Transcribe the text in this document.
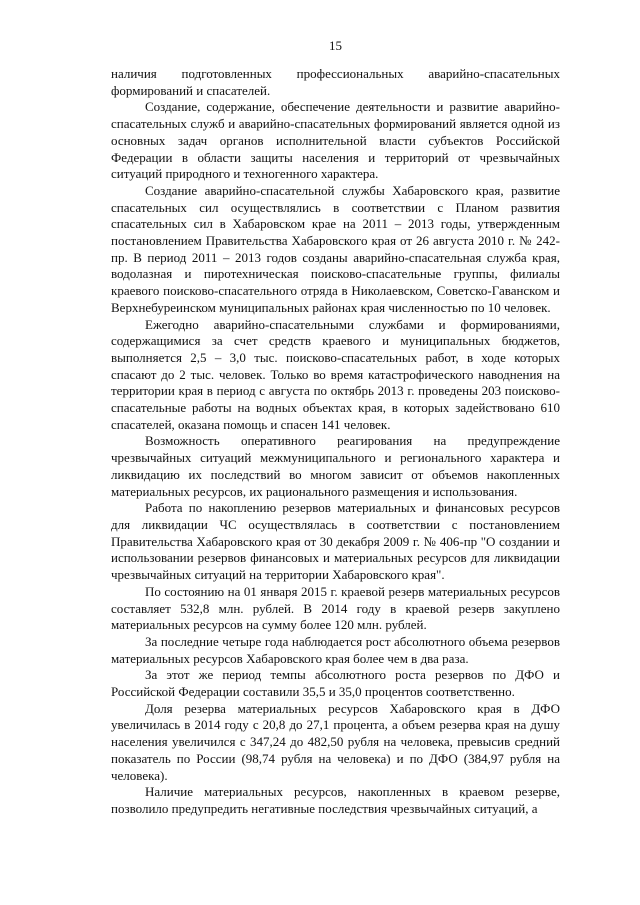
15

наличия подготовленных профессиональных аварийно-спасательных формирований и спасателей.

Создание, содержание, обеспечение деятельности и развитие аварийно-спасательных служб и аварийно-спасательных формирований является одной из основных задач органов исполнительной власти субъектов Российской Федерации в области защиты населения и территорий от чрезвычайных ситуаций природного и техногенного характера.

Создание аварийно-спасательной службы Хабаровского края, развитие спасательных сил осуществлялись в соответствии с Планом развития спасательных сил в Хабаровском крае на 2011 – 2013 годы, утвержденным постановлением Правительства Хабаровского края от 26 августа 2010 г. № 242-пр. В период 2011 – 2013 годов созданы аварийно-спасательная служба края, водолазная и пиротехническая поисково-спасательные группы, филиалы краевого поисково-спасательного отряда в Николаевском, Советско-Гаванском и Верхнебуреинском муниципальных районах края численностью по 10 человек.

Ежегодно аварийно-спасательными службами и формированиями, содержащимися за счет средств краевого и муниципальных бюджетов, выполняется 2,5 – 3,0 тыс. поисково-спасательных работ, в ходе которых спасают до 2 тыс. человек. Только во время катастрофического наводнения на территории края в период с августа по октябрь 2013 г. проведены 203 поисково-спасательные работы на водных объектах края, в которых задействовано 610 спасателей, оказана помощь и спасен 141 человек.

Возможность оперативного реагирования на предупреждение чрезвычайных ситуаций межмуниципального и регионального характера и ликвидацию их последствий во многом зависит от объемов накопленных материальных ресурсов, их рационального размещения и использования.

Работа по накоплению резервов материальных и финансовых ресурсов для ликвидации ЧС осуществлялась в соответствии с постановлением Правительства Хабаровского края от 30 декабря 2009 г. № 406-пр "О создании и использовании резервов финансовых и материальных ресурсов для ликвидации чрезвычайных ситуаций на территории Хабаровского края".

По состоянию на 01 января 2015 г. краевой резерв материальных ресурсов составляет 532,8 млн. рублей. В 2014 году в краевой резерв закуплено материальных ресурсов на сумму более 120 млн. рублей.

За последние четыре года наблюдается рост абсолютного объема резервов материальных ресурсов Хабаровского края более чем в два раза.

За этот же период темпы абсолютного роста резервов по ДФО и Российской Федерации составили 35,5 и 35,0 процентов соответственно.

Доля резерва материальных ресурсов Хабаровского края в ДФО увеличилась в 2014 году с 20,8 до 27,1 процента, а объем резерва края на душу населения увеличился с 347,24 до 482,50 рубля на человека, превысив средний показатель по России (98,74 рубля на человека) и по ДФО (384,97 рубля на человека).

Наличие материальных ресурсов, накопленных в краевом резерве, позволило предупредить негативные последствия чрезвычайных ситуаций, а
